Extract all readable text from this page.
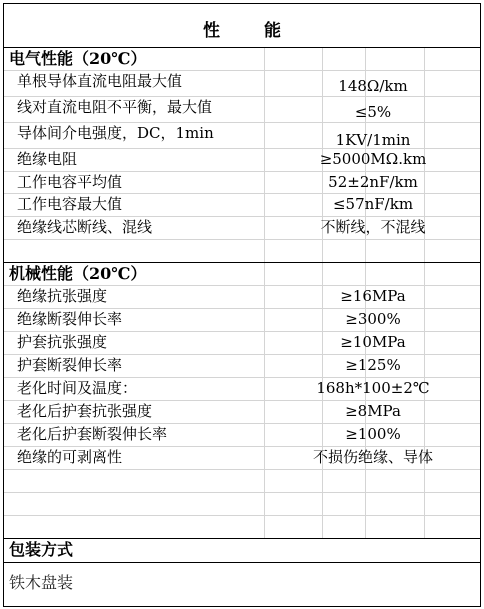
性	能
电气性能（20℃）
单根导体直流电阻最大值	148Ω/km
线对直流电阻不平衡，最大值	≤5%
导体间介电强度，DC，1min	1KV/1min
绝缘电阻	≥5000MΩ.km
工作电容平均值	52±2nF/km
工作电容最大值	≤57nF/km
绝缘线芯断线、混线	不断线，不混线
机械性能（20℃）
绝缘抗张强度	≥16MPa
绝缘断裂伸长率	≥300%
护套抗张强度	≥10MPa
护套断裂伸长率	≥125%
老化时间及温度：	168h*100±2℃
老化后护套抗张强度	≥8MPa
老化后护套断裂伸长率	≥100%
绝缘的可剥离性	不损伤绝缘、导体
包装方式
铁木盘装
